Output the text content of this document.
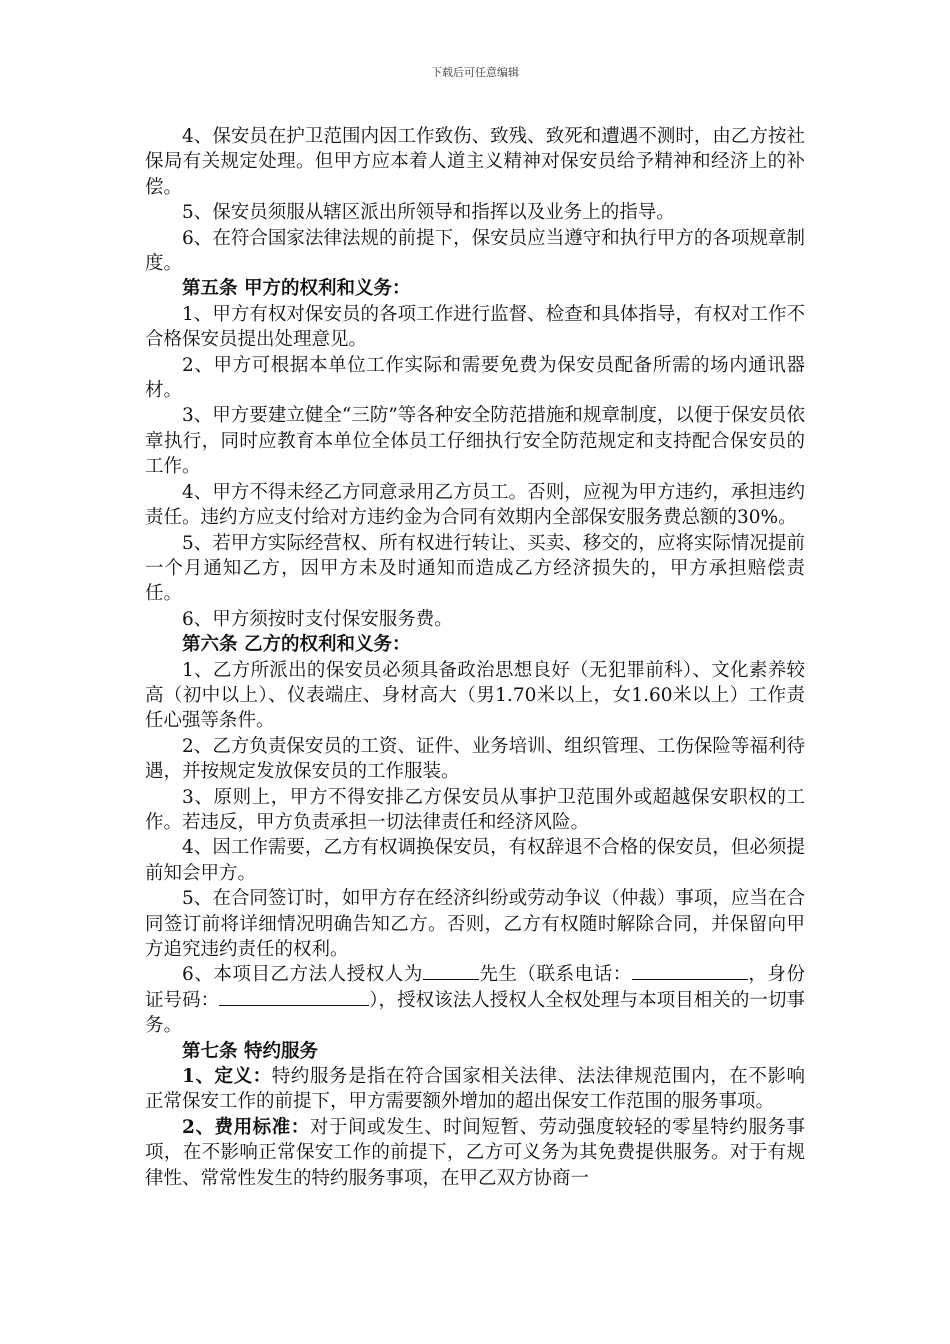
下载后可任意编辑

4、保安员在护卫范围内因工作致伤、致残、致死和遭遇不测时，由乙方按社保局有关规定处理。但甲方应本着人道主义精神对保安员给予精神和经济上的补偿。

5、保安员须服从辖区派出所领导和指挥以及业务上的指导。

6、在符合国家法律法规的前提下，保安员应当遵守和执行甲方的各项规章制度。

第五条 甲方的权利和义务：

1、甲方有权对保安员的各项工作进行监督、检查和具体指导，有权对工作不合格保安员提出处理意见。

2、甲方可根据本单位工作实际和需要免费为保安员配备所需的场内通讯器材。

3、甲方要建立健全“三防”等各种安全防范措施和规章制度，以便于保安员依章执行，同时应教育本单位全体员工仔细执行安全防范规定和支持配合保安员的工作。

4、甲方不得未经乙方同意录用乙方员工。否则，应视为甲方违约，承担违约责任。违约方应支付给对方违约金为合同有效期内全部保安服务费总额的30%。

5、若甲方实际经营权、所有权进行转让、买卖、移交的，应将实际情况提前一个月通知乙方，因甲方未及时通知而造成乙方经济损失的，甲方承担赔偿责任。

6、甲方须按时支付保安服务费。

第六条 乙方的权利和义务：

1、乙方所派出的保安员必须具备政治思想良好（无犯罪前科）、文化素养较高（初中以上）、仪表端庄、身材高大（男1.70米以上，女1.60米以上）工作责任心强等条件。

2、乙方负责保安员的工资、证件、业务培训、组织管理、工伤保险等福利待遇，并按规定发放保安员的工作服装。

3、原则上，甲方不得安排乙方保安员从事护卫范围外或超越保安职权的工作。若违反，甲方负责承担一切法律责任和经济风险。

4、因工作需要，乙方有权调换保安员，有权辞退不合格的保安员，但必须提前知会甲方。

5、在合同签订时，如甲方存在经济纠纷或劳动争议（仲裁）事项，应当在合同签订前将详细情况明确告知乙方。否则，乙方有权随时解除合同，并保留向甲方追究违约责任的权利。

6、本项目乙方法人授权人为	先生（联系电话：	，身份证号码：	），授权该法人授权人全权处理与本项目相关的一切事务。

第七条 特约服务

1、定义：特约服务是指在符合国家相关法律、法法律规范围内，在不影响正常保安工作的前提下，甲方需要额外增加的超出保安工作范围的服务事项。

2、费用标准：对于间或发生、时间短暂、劳动强度较轻的零星特约服务事项，在不影响正常保安工作的前提下，乙方可义务为其免费提供服务。对于有规律性、常常性发生的特约服务事项，在甲乙双方协商一
